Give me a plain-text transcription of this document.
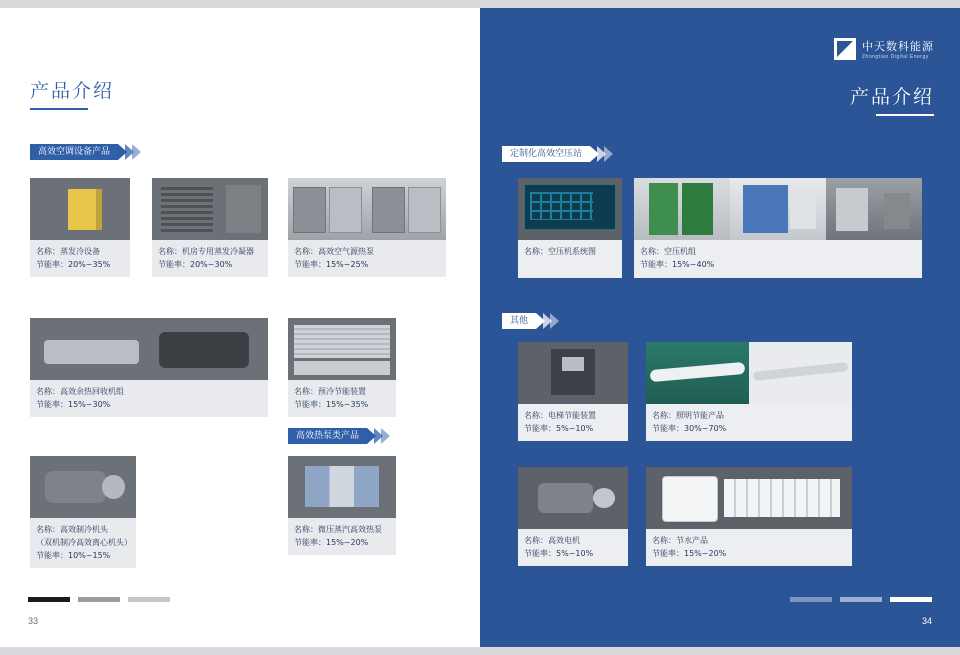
产品介绍
高效空调设备产品
名称：蒸发冷设备
节能率：20%~35%
名称：机房专用蒸发冷凝器
节能率：20%~30%
名称：高效空气源热泵
节能率：15%~25%
名称：高效余热回收机组
节能率：15%~30%
名称：预冷节能装置
节能率：15%~35%
高效热泵类产品
名称：高效制冷机头
（双机制冷高效离心机头）
节能率：10%~15%
名称：微压蒸汽高效热泵
节能率：15%~20%
33
中天数科能源
Zhongtian Digital Energy
产品介绍
定制化高效空压站
名称：空压机系统图	名称：空压机组
节能率：15%~40%
其他
名称：电梯节能装置
节能率：5%~10%
名称：照明节能产品
节能率：30%~70%
名称：高效电机
节能率：5%~10%
名称：节水产品
节能率：15%~20%
34
